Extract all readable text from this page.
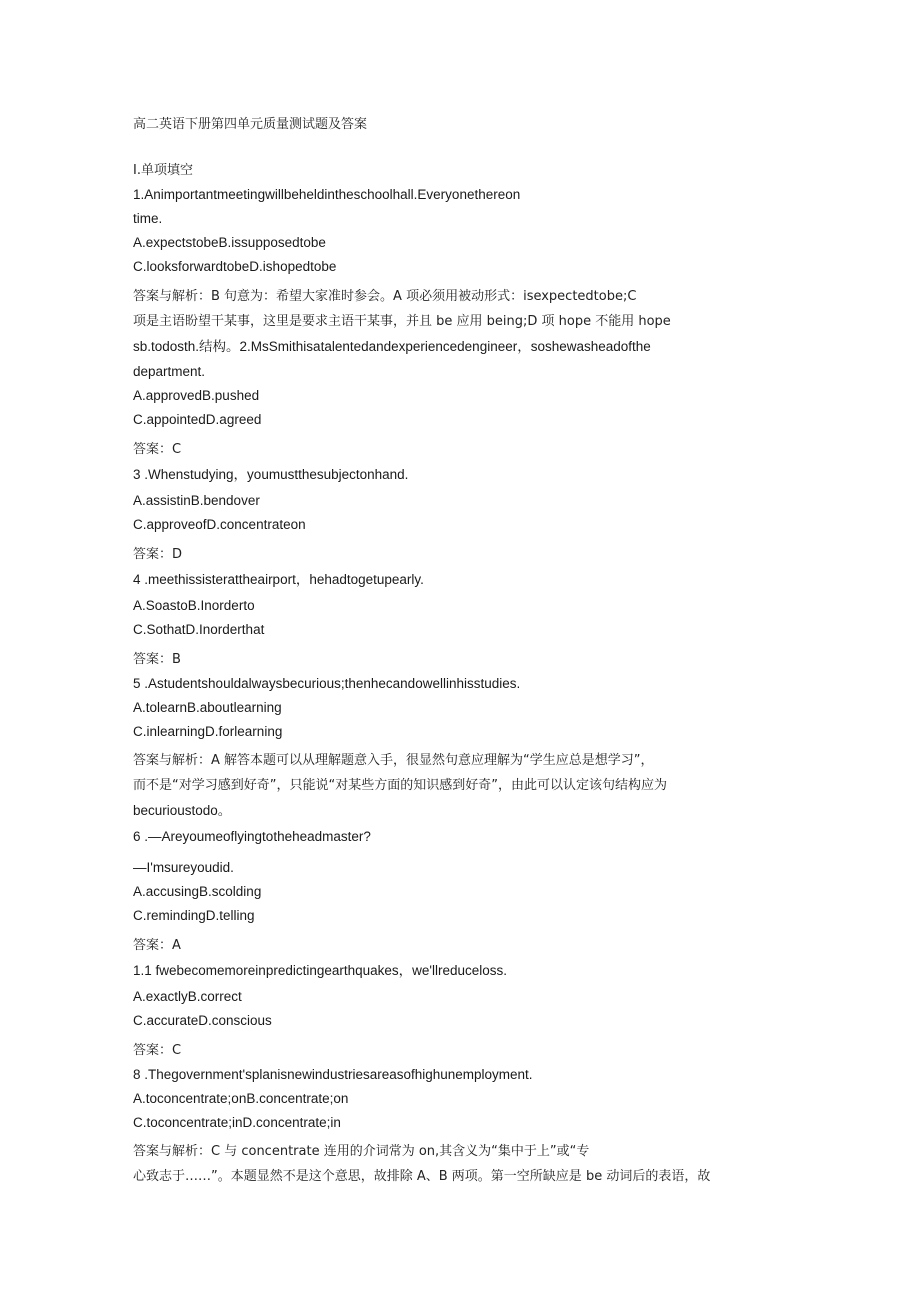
高二英语下册第四单元质量测试题及答案

I.单项填空

1.Animportantmeetingwillbeheldintheschoolhall.Everyonethereon

time.

A.expectstobeB.issupposedtobe

C.looksforwardtobeD.ishopedtobe

答案与解析：B 句意为：希望大家准时参会。A 项必须用被动形式：isexpectedtobe;C

项是主语盼望干某事，这里是要求主语干某事，并且 be 应用 being;D 项 hope 不能用 hope

sb.todosth.结构。2.MsSmithisatalentedandexperiencedengineer，soshewasheadofthe

department.

A.approvedB.pushed

C.appointedD.agreed

答案：C

3 .Whenstudying，youmustthesubjectonhand.

A.assistinB.bendover

C.approveofD.concentrateon

答案：D

4 .meethissisterattheairport，hehadtogetupearly.

A.SoastoB.Inorderto

C.SothatD.Inorderthat

答案：B

5 .Astudentshouldalwaysbecurious;thenhecandowellinhisstudies.

A.tolearnB.aboutlearning

C.inlearningD.forlearning

答案与解析：A 解答本题可以从理解题意入手，很显然句意应理解为“学生应总是想学习”，

而不是“对学习感到好奇”，只能说“对某些方面的知识感到好奇”，由此可以认定该句结构应为

becurioustodo。

6 .—Areyoumeoflyingtotheheadmaster?

—I'msureyoudid.

A.accusingB.scolding

C.remindingD.telling

答案：A

1.1 fwebecomemoreinpredictingearthquakes，we'llreduceloss.

A.exactlyB.correct

C.accurateD.conscious

答案：C

8 .Thegovernment'splanisnewindustriesareasofhighunemployment.

A.toconcentrate;onB.concentrate;on

C.toconcentrate;inD.concentrate;in

答案与解析：C 与 concentrate 连用的介词常为 on,其含义为“集中于上”或“专

心致志于……”。本题显然不是这个意思，故排除 A、B 两项。第一空所缺应是 be 动词后的表语，故
